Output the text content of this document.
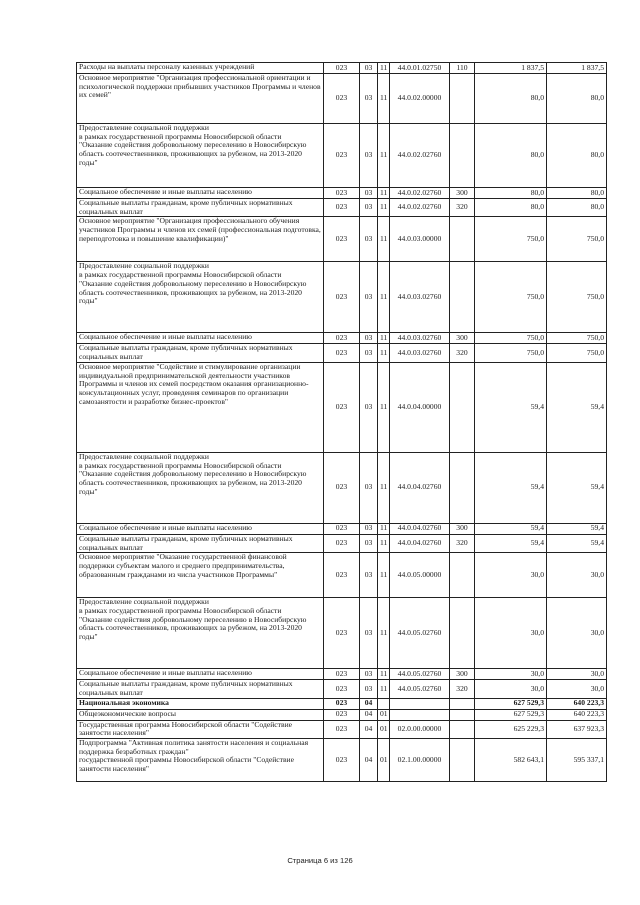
Расходы на выплаты персоналу казенных учреждений	023	03	11	44.0.01.02750	110	1 837,5	1 837,5
Основное мероприятие "Организация профессиональной ориентации и психологической поддержки прибывших участников Программы и членов их семей"	023	03	11	44.0.02.00000		80,0	80,0
Предоставление социальной поддержки
в рамках государственной программы Новосибирской области
"Оказание содействия добровольному переселению в Новосибирскую область соотечественников, проживающих за рубежом, на 2013-2020 годы"	023	03	11	44.0.02.02760		80,0	80,0
Социальное обеспечение и иные выплаты населению	023	03	11	44.0.02.02760	300	80,0	80,0
Социальные выплаты гражданам, кроме публичных нормативных социальных выплат	023	03	11	44.0.02.02760	320	80,0	80,0
Основное мероприятие "Организация профессионального обучения участников Программы и членов их семей (профессиональная подготовка, переподготовка и повышение квалификации)"	023	03	11	44.0.03.00000		750,0	750,0
Предоставление социальной поддержки
в рамках государственной программы Новосибирской области
"Оказание содействия добровольному переселению в Новосибирскую область соотечественников, проживающих за рубежом, на 2013-2020 годы"	023	03	11	44.0.03.02760		750,0	750,0
Социальное обеспечение и иные выплаты населению	023	03	11	44.0.03.02760	300	750,0	750,0
Социальные выплаты гражданам, кроме публичных нормативных социальных выплат	023	03	11	44.0.03.02760	320	750,0	750,0
Основное мероприятие "Содействие и стимулирование организации индивидуальной предпринимательской деятельности участников Программы и членов их семей посредством оказания организационно-консультационных услуг, проведения семинаров по организации самозанятости и разработке бизнес-проектов"	023	03	11	44.0.04.00000		59,4	59,4
Предоставление социальной поддержки
в рамках государственной программы Новосибирской области
"Оказание содействия добровольному переселению в Новосибирскую область соотечественников, проживающих за рубежом, на 2013-2020 годы"	023	03	11	44.0.04.02760		59,4	59,4
Социальное обеспечение и иные выплаты населению	023	03	11	44.0.04.02760	300	59,4	59,4
Социальные выплаты гражданам, кроме публичных нормативных социальных выплат	023	03	11	44.0.04.02760	320	59,4	59,4
Основное мероприятие "Оказание государственной финансовой поддержки субъектам малого и среднего предпринимательства, образованным гражданами из числа участников Программы"	023	03	11	44.0.05.00000		30,0	30,0
Предоставление социальной поддержки
в рамках государственной программы Новосибирской области
"Оказание содействия добровольному переселению в Новосибирскую область соотечественников, проживающих за рубежом, на 2013-2020 годы"	023	03	11	44.0.05.02760		30,0	30,0
Социальное обеспечение и иные выплаты населению	023	03	11	44.0.05.02760	300	30,0	30,0
Социальные выплаты гражданам, кроме публичных нормативных социальных выплат	023	03	11	44.0.05.02760	320	30,0	30,0
Национальная экономика	023	04				627 529,3	640 223,3
Общеэкономические вопросы	023	04	01			627 529,3	640 223,3
Государственная программа Новосибирской области "Содействие занятости населения"	023	04	01	02.0.00.00000		625 229,3	637 923,3
Подпрограмма "Активная политика занятости населения и социальная поддержка безработных граждан"
государственной программы Новосибирской области "Содействие занятости населения"	023	04	01	02.1.00.00000		582 643,1	595 337,1
Страница 6 из 126
